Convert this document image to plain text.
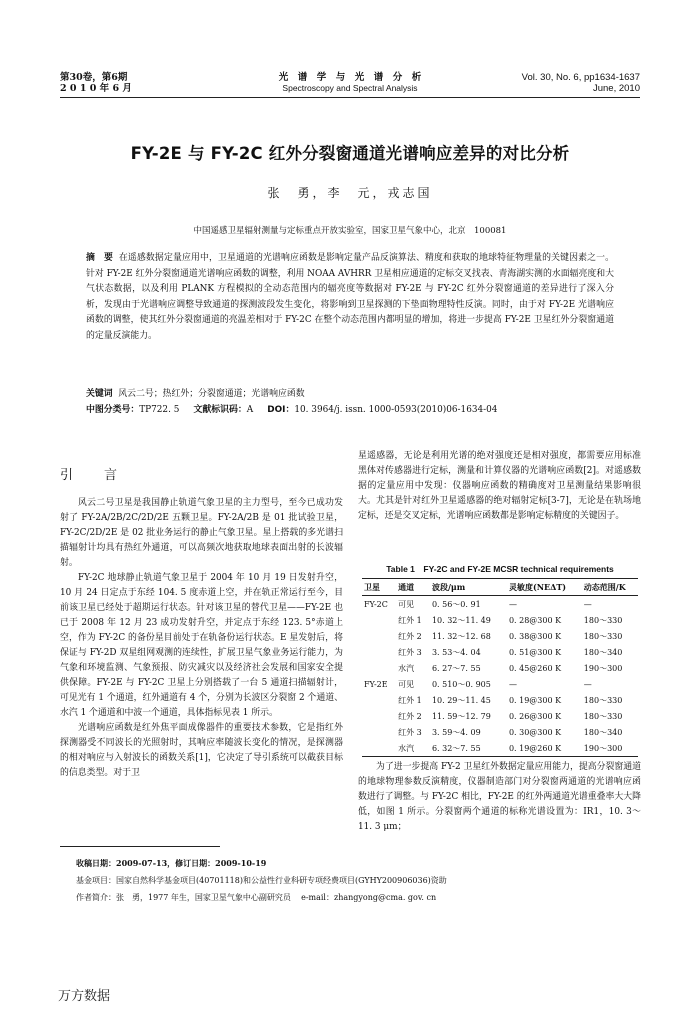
第30卷，第6期
2 0 1 0 年 6 月
光　谱　学　与　光　谱　分　析
Spectroscopy and Spectral Analysis
Vol. 30, No. 6, pp1634-1637
June, 2010
FY-2E 与 FY-2C 红外分裂窗通道光谱响应差异的对比分析
张　勇，李　元，戎志国
中国遥感卫星辐射测量与定标重点开放实验室，国家卫星气象中心，北京　100081
摘　要 在遥感数据定量应用中，卫星通道的光谱响应函数是影响定量产品反演算法、精度和获取的地球特征物理量的关键因素之一。针对 FY-2E 红外分裂窗通道光谱响应函数的调整，利用 NOAA AVHRR 卫星相应通道的定标交叉找表、青海湖实测的水面辐亮度和大气状态数据，以及利用 PLANK 方程模拟的全动态范围内的辐亮度等数据对 FY-2E 与 FY-2C 红外分裂窗通道的差异进行了深入分析，发现由于光谱响应调整导致通道的探测波段发生变化，将影响到卫星探测的下垫面物理特性反演。同时，由于对 FY-2E 光谱响应函数的调整，使其红外分裂窗通道的亮温差相对于 FY-2C 在整个动态范围内都明显的增加，将进一步提高 FY-2E 卫星红外分裂窗通道的定量反演能力。
关键词 风云二号；热红外；分裂窗通道；光谱响应函数
中图分类号：TP722. 5 文献标识码：A DOI：10. 3964/j. issn. 1000-0593(2010)06-1634-04
引　言

风云二号卫星是我国静止轨道气象卫星的主力型号，至今已成功发射了 FY-2A/2B/2C/2D/2E 五颗卫星。FY-2A/2B 是 01 批试验卫星，FY-2C/2D/2E 是 02 批业务运行的静止气象卫星。星上搭载的多光谱扫描辐射计均具有热红外通道，可以高频次地获取地球表面出射的长波辐射。

FY-2C 地球静止轨道气象卫星于 2004 年 10 月 19 日发射升空，10 月 24 日定点于东经 104. 5 度赤道上空，并在轨正常运行至今，目前该卫星已经处于超期运行状态。针对该卫星的替代卫星——FY-2E 也已于 2008 年 12 月 23 成功发射升空，并定点于东经 123. 5°赤道上空，作为 FY-2C 的备份星目前处于在轨备份运行状态。E 星发射后，将保证与 FY-2D 双星组网观测的连续性，扩展卫星气象业务运行能力，为气象和环境监测、气象预报、防灾减灾以及经济社会发展和国家安全提供保障。FY-2E 与 FY-2C 卫星上分别搭载了一台 5 通道扫描辐射计，可见光有 1 个通道，红外通道有 4 个，分别为长波区分裂窗 2 个通道、水汽 1 个通道和中波一个通道，具体指标见表 1 所示。

光谱响应函数是红外焦平面成像器件的重要技术参数，它是指红外探测器受不同波长的光照射时，其响应率随波长变化的情况，是探测器的相对响应与入射波长的函数关系[1]，它决定了导引系统可以截获目标的信息类型。对于卫

星遥感器，无论是利用光谱的绝对强度还是相对强度，都需要应用标准黑体对传感器进行定标，测量和计算仪器的光谱响应函数[2]。对遥感数据的定量应用中发现：仪器响应函数的精确度对卫星测量结果影响很大。尤其是针对红外卫星遥感器的绝对辐射定标[3-7]，无论是在轨场地定标，还是交叉定标，光谱响应函数都是影响定标精度的关键因子。

Table 1　FY-2C and FY-2E MCSR technical requirements
卫星	通道	波段/μm	灵敏度(NEΔT)	动态范围/K
FY-2C	可见	0. 56～0. 91	—	—
	红外 1	10. 32～11. 49	0. 28@300 K	180～330
	红外 2	11. 32～12. 68	0. 38@300 K	180～330
	红外 3	3. 53～4. 04	0. 51@300 K	180～340
	水汽	6. 27～7. 55	0. 45@260 K	190～300
FY-2E	可见	0. 510～0. 905	—	—
	红外 1	10. 29～11. 45	0. 19@300 K	180～330
	红外 2	11. 59～12. 79	0. 26@300 K	180～330
	红外 3	3. 59～4. 09	0. 30@300 K	180～340
	水汽	6. 32～7. 55	0. 19@260 K	190～300

为了进一步提高 FY-2 卫星红外数据定量应用能力，提高分裂窗通道的地球物理参数反演精度，仪器制造部门对分裂窗两通道的光谱响应函数进行了调整。与 FY-2C 相比，FY-2E 的红外两通道光谱重叠率大大降低，如图 1 所示。分裂窗两个通道的标称光谱设置为：IR1，10. 3～11. 3 μm；

收稿日期：2009-07-13，修订日期：2009-10-19
基金项目：国家自然科学基金项目(40701118)和公益性行业科研专项经费项目(GYHY200906036)资助
作者简介：张　勇，1977 年生，国家卫星气象中心副研究员 e-mail：zhangyong@cma. gov. cn
万方数据
